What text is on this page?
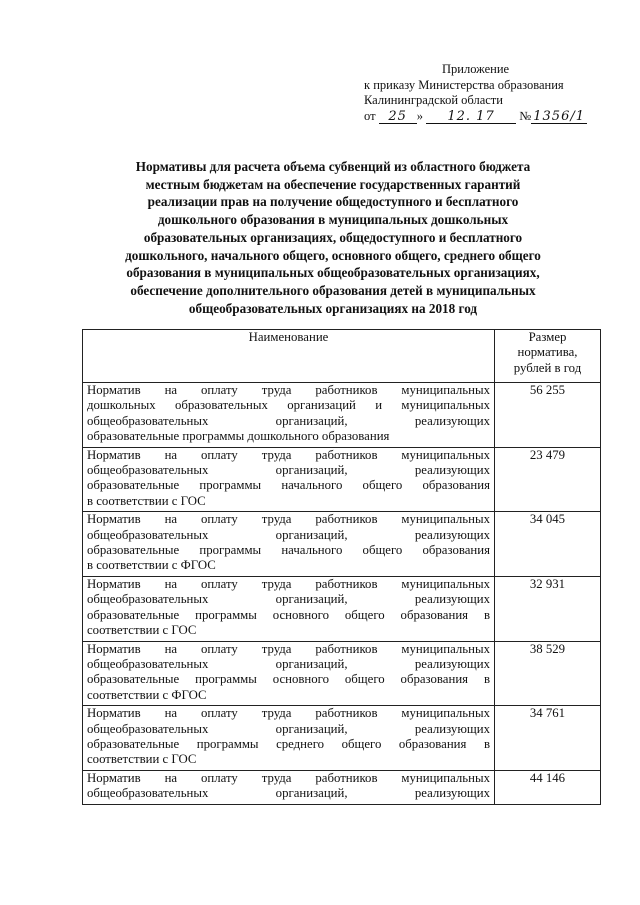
Приложение
к приказу Министерства образования
Калининградской области
от 25 » 12. 17 № 1356/1
Нормативы для расчета объема субвенций из областного бюджета
местным бюджетам на обеспечение государственных гарантий
реализации прав на получение общедоступного и бесплатного
дошкольного образования в муниципальных дошкольных
образовательных организациях, общедоступного и бесплатного
дошкольного, начального общего, основного общего, среднего общего
образования в муниципальных общеобразовательных организациях,
обеспечение дополнительного образования детей в муниципальных
общеобразовательных организациях на 2018 год
Наименование	Размер
норматива,
рублей в год

Норматив на оплату труда работников муниципальных
дошкольных образовательных организаций и муниципальных
общеобразовательных организаций, реализующих
образовательные программы дошкольного образования	56 255

Норматив на оплату труда работников муниципальных
общеобразовательных организаций, реализующих
образовательные программы начального общего образования
в соответствии с ГОС	23 479

Норматив на оплату труда работников муниципальных
общеобразовательных организаций, реализующих
образовательные программы начального общего образования
в соответствии с ФГОС	34 045

Норматив на оплату труда работников муниципальных
общеобразовательных организаций, реализующих
образовательные программы основного общего образования в
соответствии с ГОС	32 931

Норматив на оплату труда работников муниципальных
общеобразовательных организаций, реализующих
образовательные программы основного общего образования в
соответствии с ФГОС	38 529

Норматив на оплату труда работников муниципальных
общеобразовательных организаций, реализующих
образовательные программы среднего общего образования в
соответствии с ГОС	34 761

Норматив на оплату труда работников муниципальных
общеобразовательных организаций, реализующих	44 146
